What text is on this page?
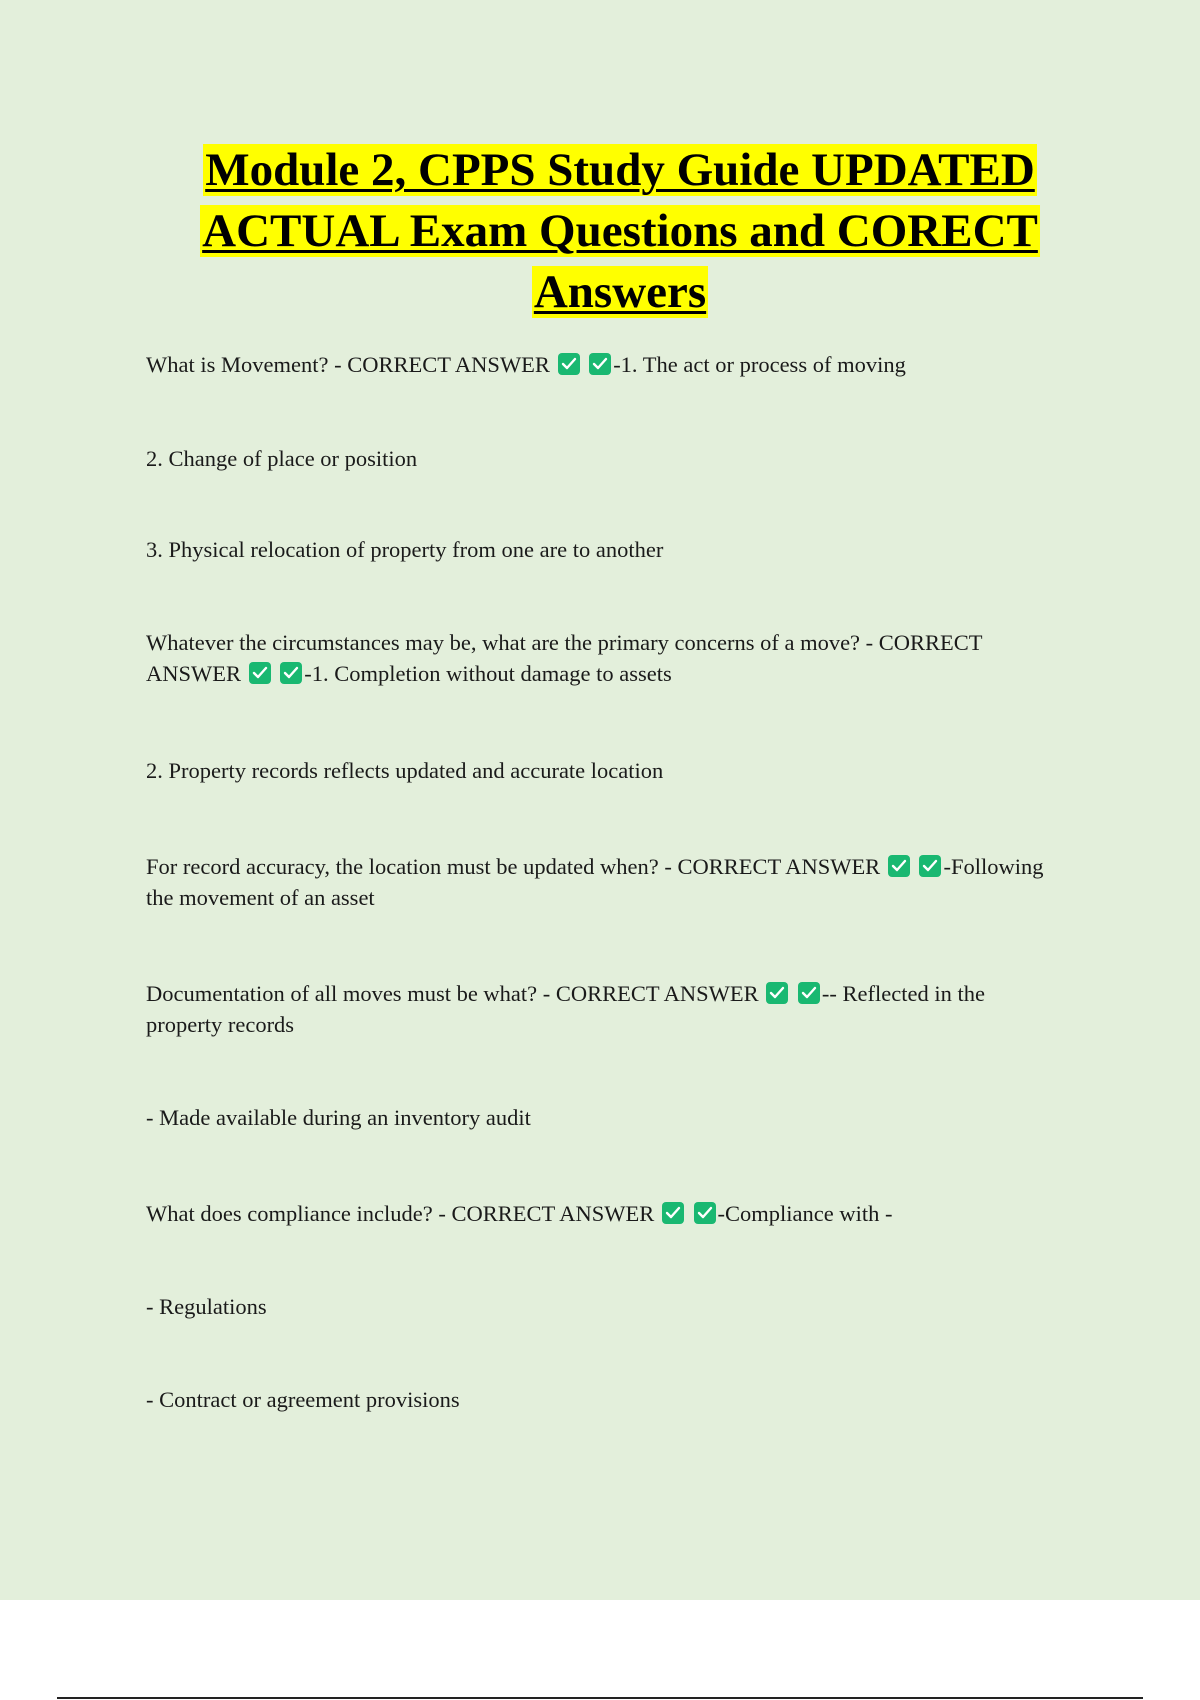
Module 2, CPPS Study Guide UPDATED
ACTUAL Exam Questions and CORECT
Answers
What is Movement? - CORRECT ANSWER
	-1. The act or process of moving
2. Change of place or position
3. Physical relocation of property from one are to another
Whatever the circumstances may be, what are the primary concerns of a move? - CORRECT ANSWER
	-1. Completion without damage to assets
2. Property records reflects updated and accurate location
For record accuracy, the location must be updated when? - CORRECT ANSWER
	-Following the movement of an asset
Documentation of all moves must be what? - CORRECT ANSWER
	-- Reflected in the property records
- Made available during an inventory audit
What does compliance include? - CORRECT ANSWER
	-Compliance with -
- Regulations
- Contract or agreement provisions
